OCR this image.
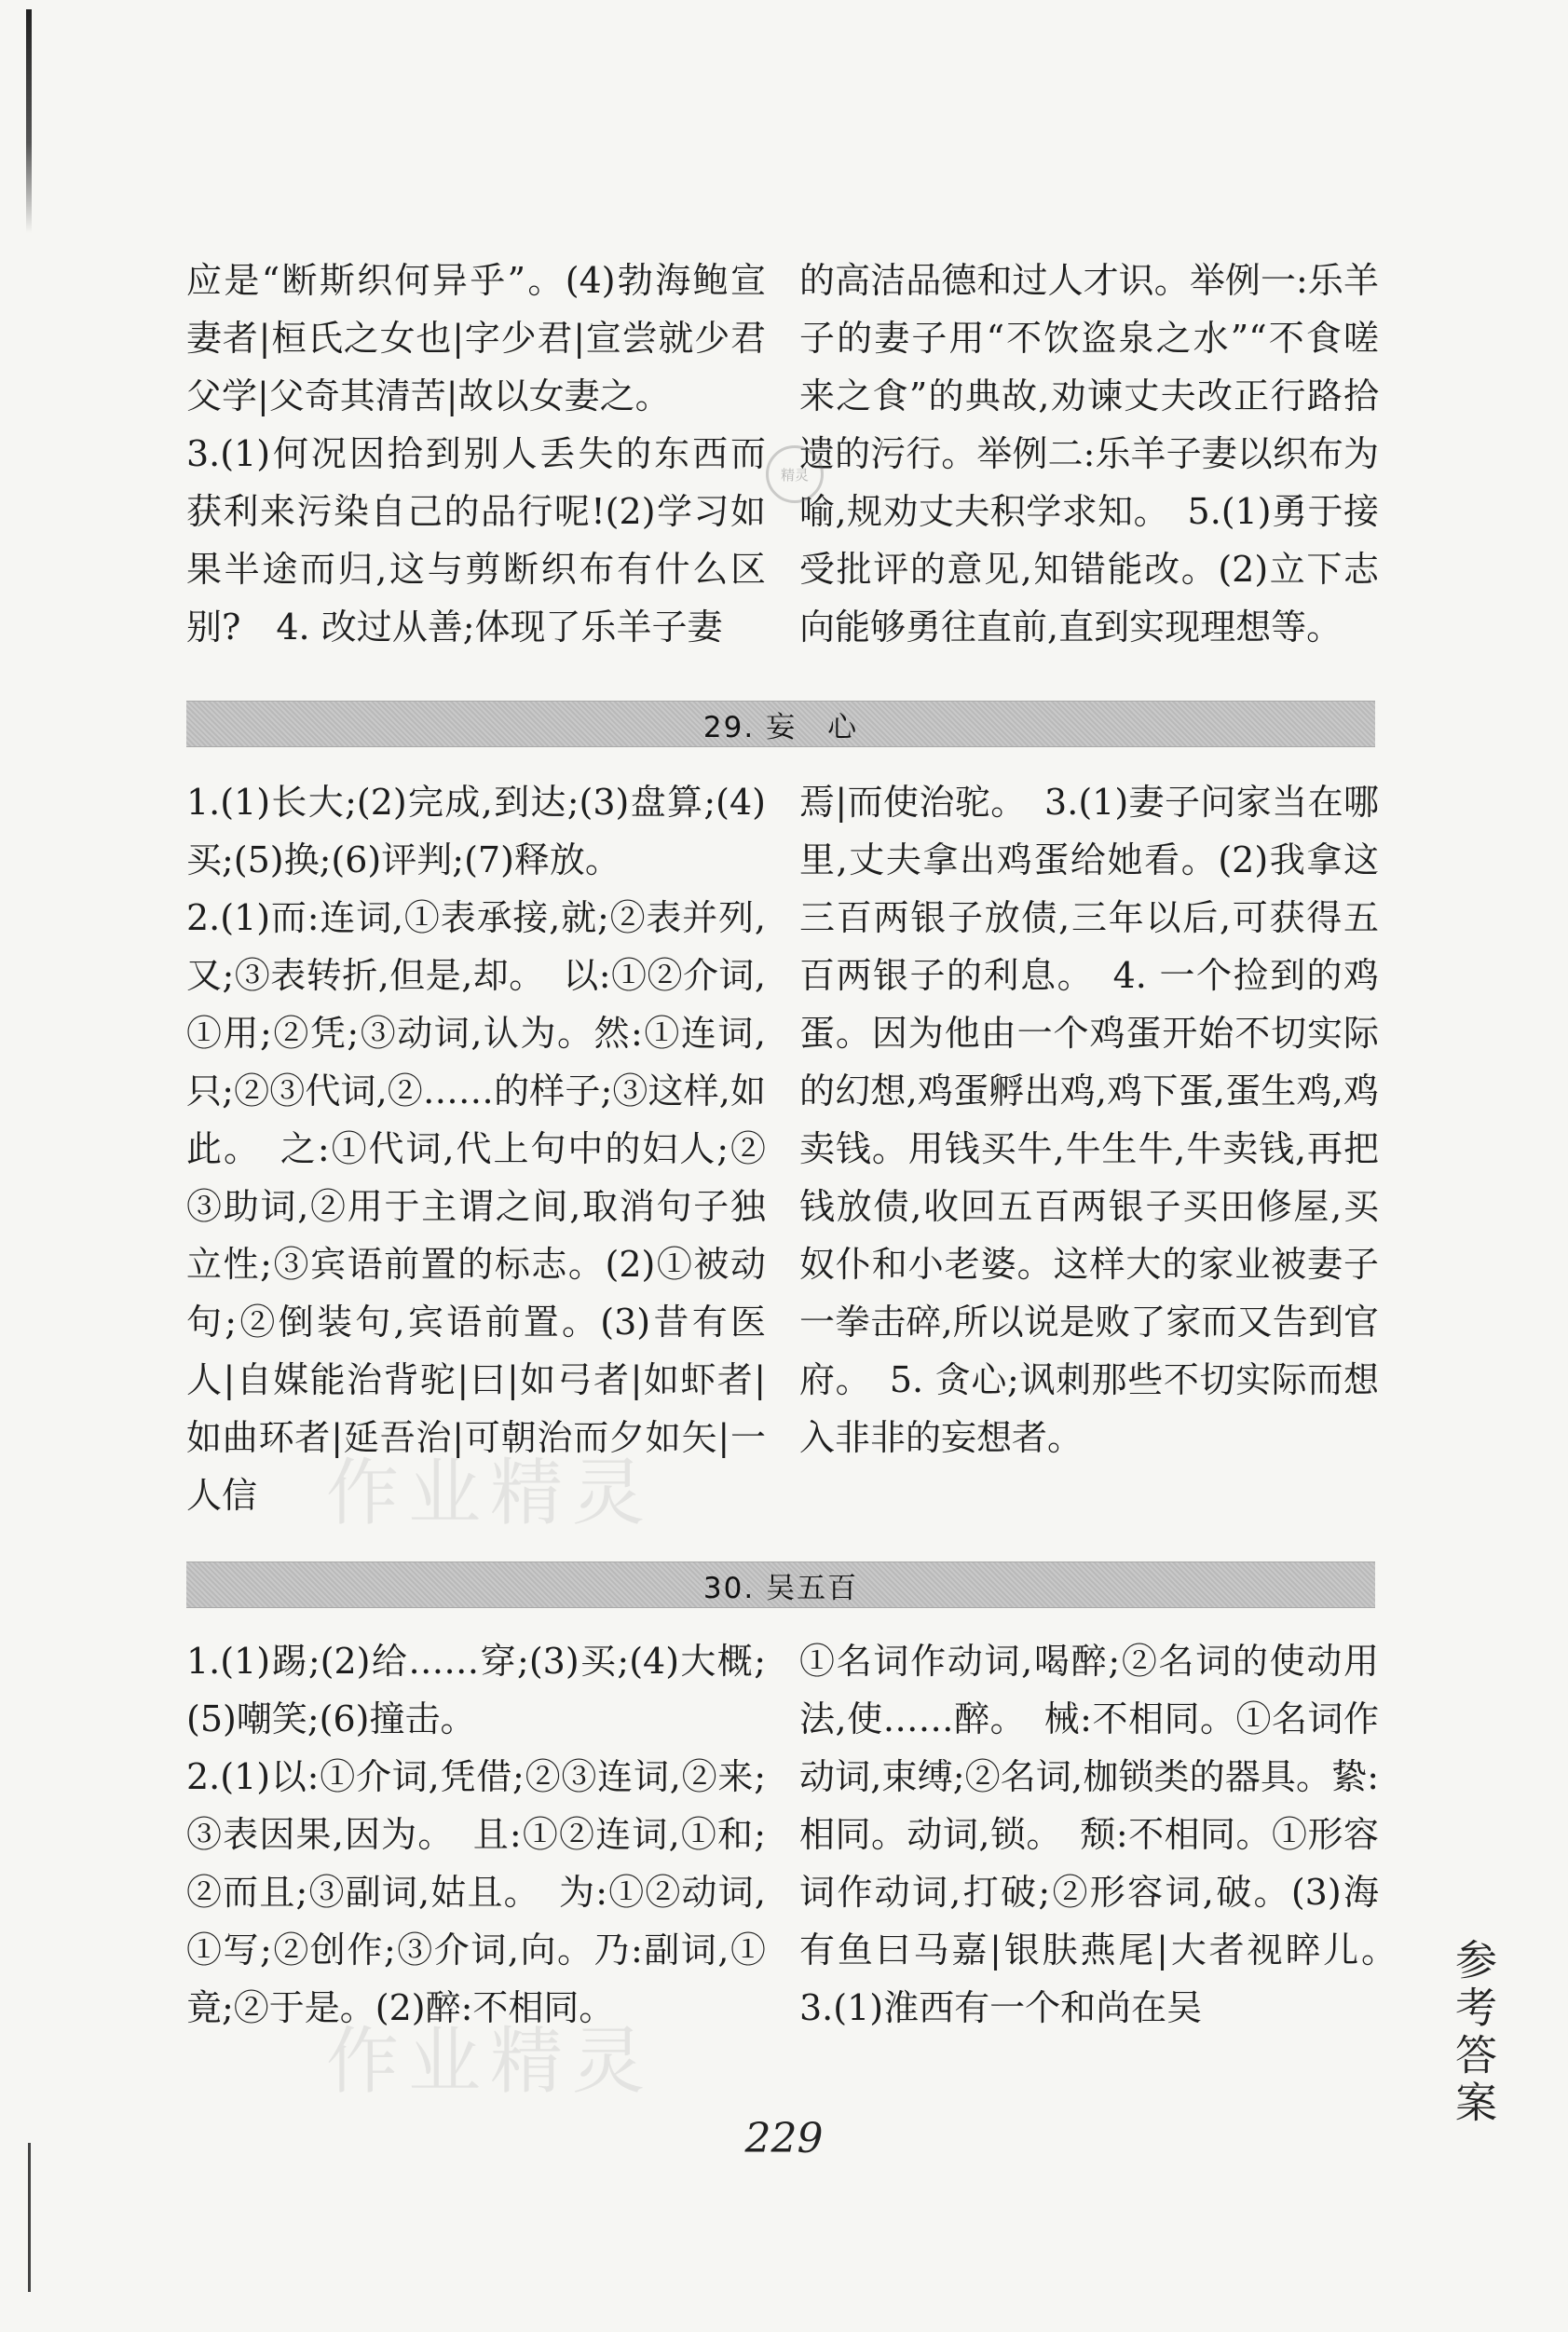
应是“断斯织何异乎”。(4)勃海鲍宣妻者|桓氏之女也|字少君|宣尝就少君父学|父奇其清苦|故以女妻之。

3.(1)何况因拾到别人丢失的东西而获利来污染自己的品行呢!(2)学习如果半途而归,这与剪断织布有什么区别?　4. 改过从善;体现了乐羊子妻

的高洁品德和过人才识。举例一:乐羊子的妻子用“不饮盗泉之水”“不食嗟来之食”的典故,劝谏丈夫改正行路拾遗的污行。举例二:乐羊子妻以织布为喻,规劝丈夫积学求知。　5.(1)勇于接受批评的意见,知错能改。(2)立下志向能够勇往直前,直到实现理想等。

精灵
29. 妄　心

1.(1)长大;(2)完成,到达;(3)盘算;(4)买;(5)换;(6)评判;(7)释放。

2.(1)而:连词,①表承接,就;②表并列,又;③表转折,但是,却。　以:①②介词,①用;②凭;③动词,认为。然:①连词,只;②③代词,②……的样子;③这样,如此。　之:①代词,代上句中的妇人;②③助词,②用于主谓之间,取消句子独立性;③宾语前置的标志。(2)①被动句;②倒装句,宾语前置。(3)昔有医人|自媒能治背驼|曰|如弓者|如虾者|如曲环者|延吾治|可朝治而夕如矢|一人信

焉|而使治驼。　3.(1)妻子问家当在哪里,丈夫拿出鸡蛋给她看。(2)我拿这三百两银子放债,三年以后,可获得五百两银子的利息。　4. 一个捡到的鸡蛋。因为他由一个鸡蛋开始不切实际的幻想,鸡蛋孵出鸡,鸡下蛋,蛋生鸡,鸡卖钱。用钱买牛,牛生牛,牛卖钱,再把钱放债,收回五百两银子买田修屋,买奴仆和小老婆。这样大的家业被妻子一拳击碎,所以说是败了家而又告到官府。　5. 贪心;讽刺那些不切实际而想入非非的妄想者。

作业精灵
30. 吴五百

1.(1)踢;(2)给……穿;(3)买;(4)大概;(5)嘲笑;(6)撞击。

2.(1)以:①介词,凭借;②③连词,②来;③表因果,因为。　且:①②连词,①和;②而且;③副词,姑且。　为:①②动词,①写;②创作;③介词,向。乃:副词,①竟;②于是。(2)醉:不相同。

①名词作动词,喝醉;②名词的使动用法,使……醉。　械:不相同。①名词作动词,束缚;②名词,枷锁类的器具。絷:相同。动词,锁。　颓:不相同。①形容词作动词,打破;②形容词,破。(3)海有鱼曰马嘉|银肤燕尾|大者视睟儿。　3.(1)淮西有一个和尚在吴

作业精灵	参考答案
229
